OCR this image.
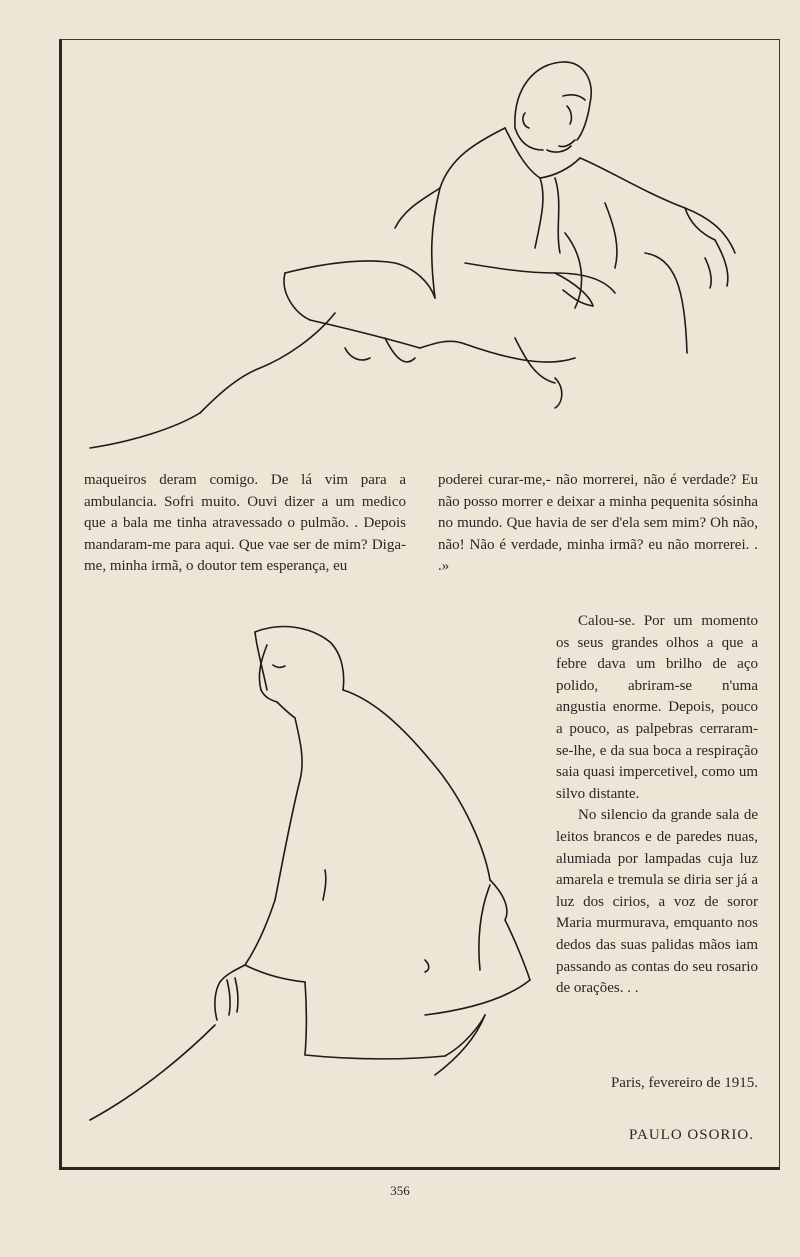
maqueiros deram comigo. De lá vim para a ambulancia. Sofri muito. Ouvi dizer a um medico que a bala me tinha atravessado o pulmão. . Depois mandaram-me para aqui. Que vae ser de mim? Diga-me, minha irmã, o doutor tem esperança, eu

poderei curar-me,- não morrerei, não é verdade? Eu não posso morrer e deixar a minha pequenita sósinha no mundo. Que havia de ser d'ela sem mim? Oh não, não! Não é verdade, minha irmã? eu não morrerei. . .»

Calou-se. Por um momento os seus grandes olhos a que a febre dava um brilho de aço polido, abriram-se n'uma angustia enorme. Depois, pouco a pouco, as palpebras cerraram-se-lhe, e da sua boca a respiração saia quasi impercetivel, como um silvo distante.

No silencio da grande sala de leitos brancos e de paredes nuas, alumiada por lampadas cuja luz amarela e tremula se diria ser já a luz dos cirios, a voz de soror Maria murmurava, emquanto nos dedos das suas palidas mãos iam passando as contas do seu rosario de orações. . .

Paris, fevereiro de 1915.
PAULO OSORIO.
356
